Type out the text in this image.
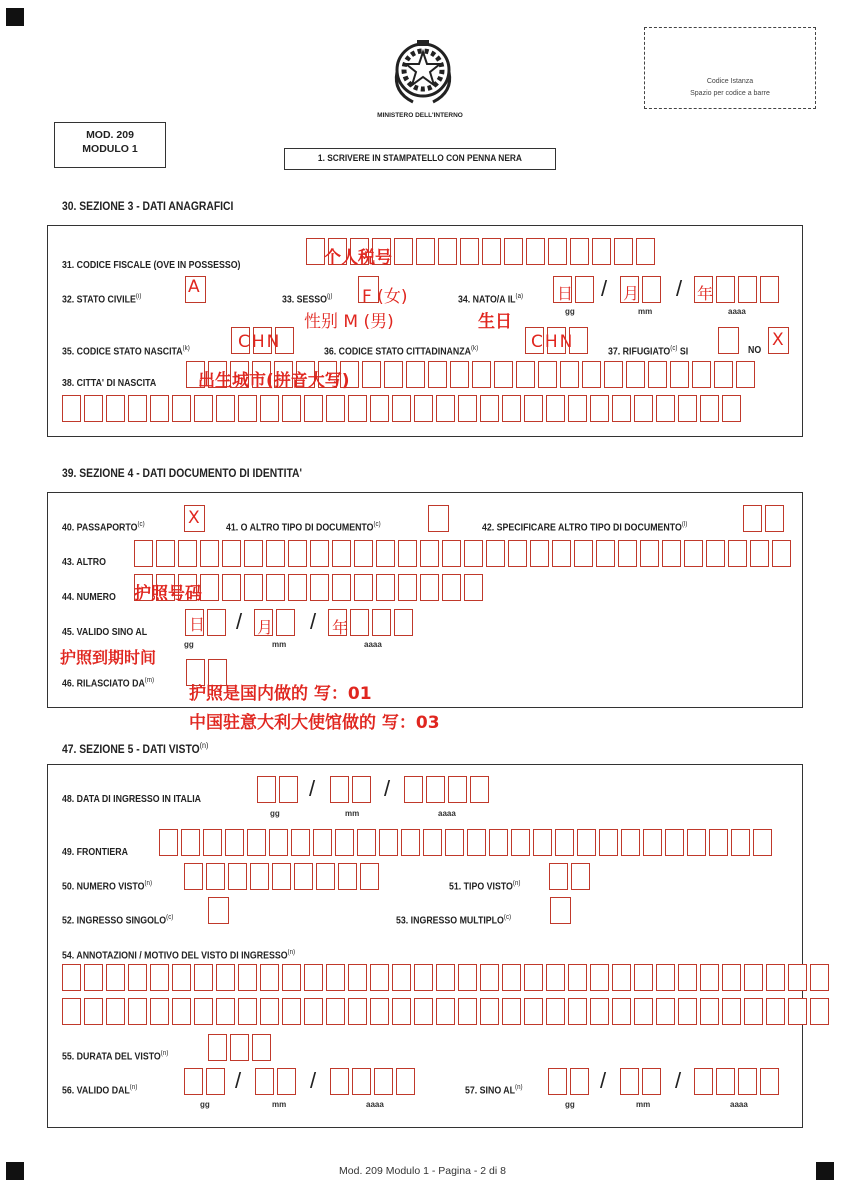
MINISTERO DELL'INTERNO
Codice Istanza
Spazio per codice a barre
MOD. 209
MODULO 1
1. SCRIVERE IN STAMPATELLO CON PENNA NERA
30. SEZIONE 3 - DATI ANAGRAFICI
31. CODICE FISCALE (OVE IN POSSESSO)	个人税号
32. STATO CIVILE$^{(i)}$	A
33. SESSO$^{(j)}$ F (女)
性别 M (男)
34. NATO/A IL$^{(a)}$	/	/
gg	mm	aaaa
日	月	年
生日
35. CODICE STATO NASCITA$^{(k)}$	CHN	36. CODICE STATO CITTADINANZA$^{(k)}$	CHN	37. RIFUGIATO$^{(c)}$ SI	NO
X
38. CITTA' DI NASCITA 出生城市(拼音大写)
39. SEZIONE 4 - DATI DOCUMENTO DI IDENTITA'
40. PASSAPORTO$^{(c)}$	X	41. O ALTRO TIPO DI DOCUMENTO$^{(c)}$	42. SPECIFICARE ALTRO TIPO DI DOCUMENTO$^{(l)}$
43. ALTRO
44. NUMERO 护照号码
45. VALIDO SINO AL	/	/
gg	mm	aaaa
日	月	年
护照到期时间
46. RILASCIATO DA$^{(m)}$
护照是国内做的 写：01
中国驻意大利大使馆做的 写：03
47. SEZIONE 5 - DATI VISTO$^{(n)}$
48. DATA DI INGRESSO IN ITALIA	/	/
gg	mm	aaaa
49. FRONTIERA
50. NUMERO VISTO$^{(n)}$	51. TIPO VISTO$^{(n)}$
52. INGRESSO SINGOLO$^{(c)}$	53. INGRESSO MULTIPLO$^{(c)}$
54. ANNOTAZIONI / MOTIVO DEL VISTO DI INGRESSO$^{(n)}$
55. DURATA DEL VISTO$^{(n)}$
56. VALIDO DAL$^{(n)}$	/	/
gg	mm	aaaa
57. SINO AL$^{(n)}$	/	/
gg	mm	aaaa
Mod. 209 Modulo 1 - Pagina - 2 di 8
